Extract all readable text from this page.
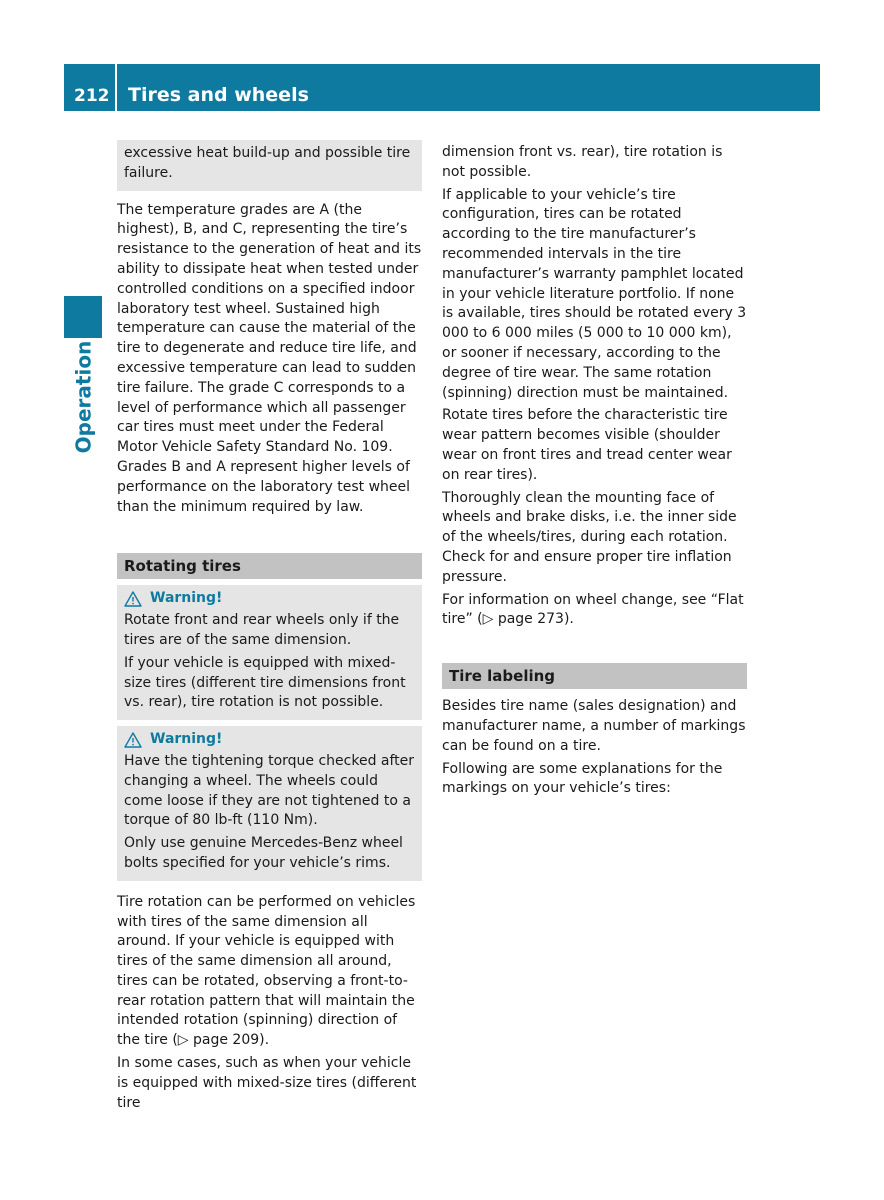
212 Tires and wheels
Operation

excessive heat build-up and possible tire failure.

The temperature grades are A (the highest), B, and C, representing the tire’s resistance to the generation of heat and its ability to dissipate heat when tested under controlled conditions on a specified indoor laboratory test wheel. Sustained high temperature can cause the material of the tire to degenerate and reduce tire life, and excessive temperature can lead to sudden tire failure. The grade C corresponds to a level of performance which all passenger car tires must meet under the Federal Motor Vehicle Safety Standard No. 109. Grades B and A represent higher levels of performance on the laboratory test wheel than the minimum required by law.

Rotating tires
Warning!

Rotate front and rear wheels only if the tires are of the same dimension.

If your vehicle is equipped with mixed-size tires (different tire dimensions front vs. rear), tire rotation is not possible.

Warning!

Have the tightening torque checked after changing a wheel. The wheels could come loose if they are not tightened to a torque of 80 lb-ft (110 Nm).

Only use genuine Mercedes-Benz wheel bolts specified for your vehicle’s rims.

Tire rotation can be performed on vehicles with tires of the same dimension all around. If your vehicle is equipped with tires of the same dimension all around, tires can be rotated, observing a front-to-rear rotation pattern that will maintain the intended rotation (spinning) direction of the tire (▷ page 209).

In some cases, such as when your vehicle is equipped with mixed-size tires (different tire

dimension front vs. rear), tire rotation is not possible.

If applicable to your vehicle’s tire configuration, tires can be rotated according to the tire manufacturer’s recommended intervals in the tire manufacturer’s warranty pamphlet located in your vehicle literature portfolio. If none is available, tires should be rotated every 3 000 to 6 000 miles (5 000 to 10 000 km), or sooner if necessary, according to the degree of tire wear. The same rotation (spinning) direction must be maintained.

Rotate tires before the characteristic tire wear pattern becomes visible (shoulder wear on front tires and tread center wear on rear tires).

Thoroughly clean the mounting face of wheels and brake disks, i.e. the inner side of the wheels/tires, during each rotation. Check for and ensure proper tire inflation pressure.

For information on wheel change, see “Flat tire” (▷ page 273).

Tire labeling

Besides tire name (sales designation) and manufacturer name, a number of markings can be found on a tire.

Following are some explanations for the markings on your vehicle’s tires:
